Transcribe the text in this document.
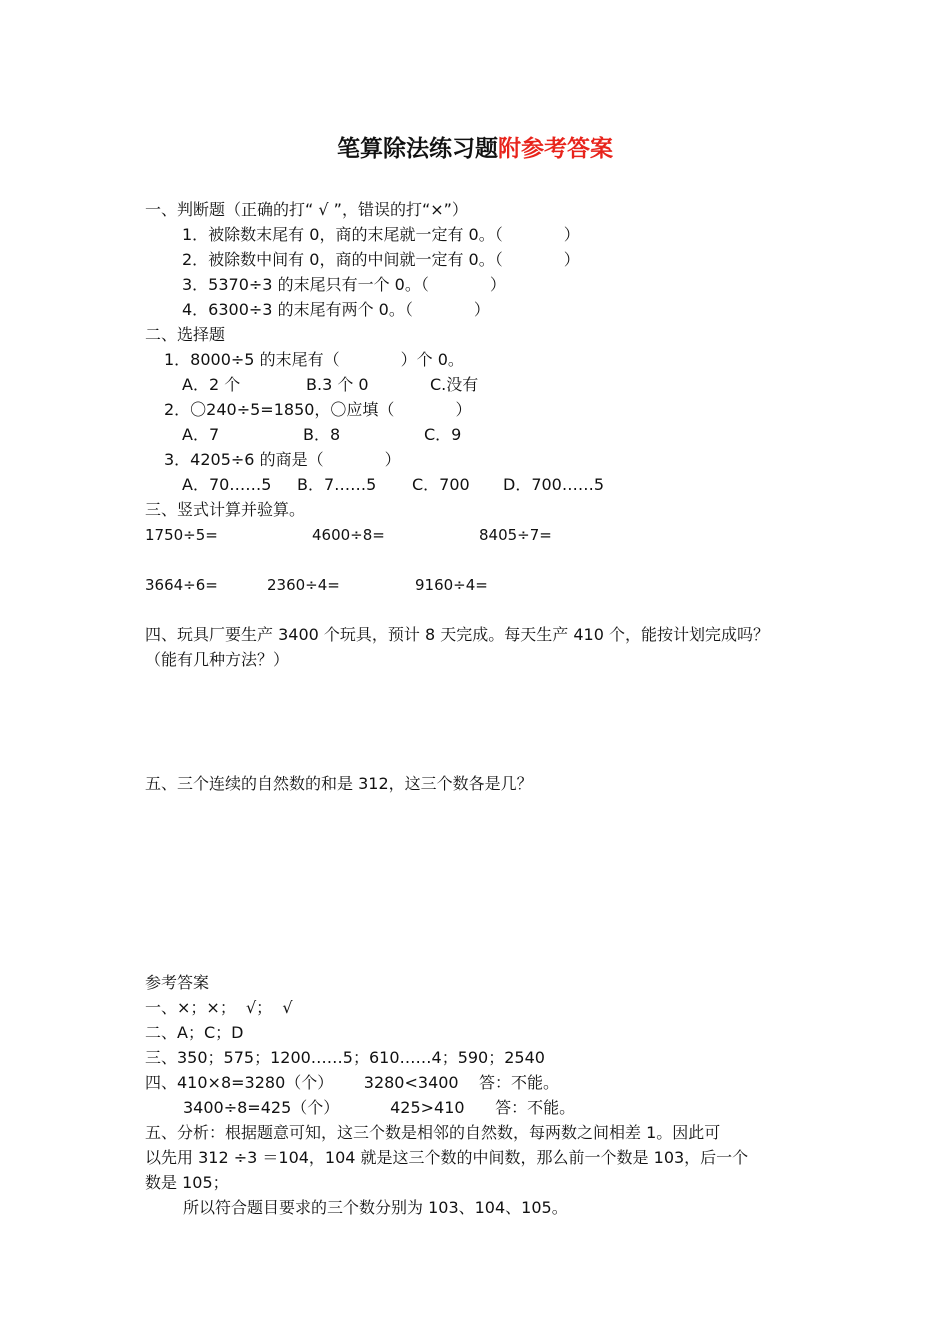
笔算除法练习题附参考答案
一、判断题（正确的打“ √ ”，错误的打“×”）
1．被除数末尾有 0，商的末尾就一定有 0。（            ）
2．被除数中间有 0，商的中间就一定有 0。（            ）
3．5370÷3 的末尾只有一个 0。（            ）
4．6300÷3 的末尾有两个 0。（            ）
二、选择题
1．8000÷5 的末尾有（            ）个 0。
A．2 个	B.3 个 0	C.没有
2．〇240÷5=1850，〇应填（            ）
A．7	B．8	C．9
3．4205÷6 的商是（            ）
A．70……5 B．7……5 C．700 D．700……5
三、竖式计算并验算。
1750÷5=	4600÷8=	8405÷7=
3664÷6=	2360÷4=	9160÷4=
四、玩具厂要生产 3400 个玩具，预计 8 天完成。每天生产 410 个，能按计划完成吗？
（能有几种方法？）
五、三个连续的自然数的和是 312，这三个数各是几？
参考答案
一、×；×；  √；  √
二、A；C；D
三、350；575；1200……5；610……4；590；2540
四、410×8=3280（个）      3280<3400    答：不能。
3400÷8=425（个）          425>410      答：不能。
五、分析：根据题意可知，这三个数是相邻的自然数，每两数之间相差 1。因此可
以先用 312 ÷3 ＝104，104 就是这三个数的中间数，那么前一个数是 103，后一个
数是 105；
所以符合题目要求的三个数分别为 103、104、105。
